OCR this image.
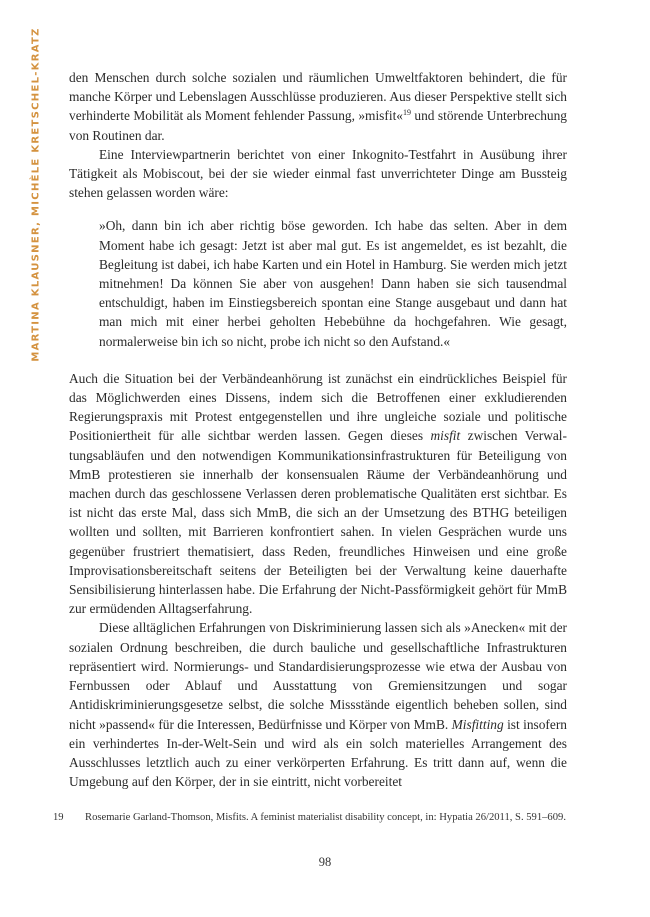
MARTINA KLAUSNER, MICHÈLE KRETSCHEL-KRATZ den Menschen durch solche sozialen und räumlichen Umweltfaktoren behindert, die für manche Körper und Lebenslagen Ausschlüsse produzieren. Aus dieser Perspektive stellt sich verhinderte Mobilität als Moment fehlender Passung, »misfit«$^{19}$ und störende Unterbrechung von Routinen dar.

Eine Interviewpartnerin berichtet von einer Inkognito-Testfahrt in Ausübung ihrer Tätigkeit als Mobiscout, bei der sie wieder einmal fast unverrichteter Dinge am Bussteig stehen gelassen worden wäre:

»Oh, dann bin ich aber richtig böse geworden. Ich habe das selten. Aber in dem Moment habe ich gesagt: Jetzt ist aber mal gut. Es ist angemeldet, es ist bezahlt, die Begleitung ist dabei, ich habe Karten und ein Hotel in Hamburg. Sie werden mich jetzt mitnehmen! Da können Sie aber von ausgehen! Dann haben sie sich tausendmal entschuldigt, haben im Einstiegsbereich spontan eine Stange ausgebaut und dann hat man mich mit einer herbei geholten Hebebühne da hochgefahren. Wie gesagt, normalerweise bin ich so nicht, probe ich nicht so den Aufstand.«

Auch die Situation bei der Verbändeanhörung ist zunächst ein eindrückliches Beispiel für das Möglichwerden eines Dissens, indem sich die Betroffenen einer exkludierenden Regierungspraxis mit Protest entgegenstellen und ihre ungleiche soziale und politische Positioniertheit für alle sichtbar werden lassen. Gegen dieses misfit zwischen Verwaltungsabläufen und den notwendigen Kommunikationsinfrastrukturen für Beteiligung von MmB protestieren sie innerhalb der konsensualen Räume der Verbändeanhörung und machen durch das geschlossene Verlassen deren problematische Qualitäten erst sichtbar. Es ist nicht das erste Mal, dass sich MmB, die sich an der Umsetzung des BTHG beteiligen wollten und sollten, mit Barrieren konfrontiert sahen. In vielen Gesprächen wurde uns gegenüber frustriert thematisiert, dass Reden, freundliches Hinweisen und eine große Improvisationsbereitschaft seitens der Beteiligten bei der Verwaltung keine dauerhafte Sensibilisierung hinterlassen habe. Die Erfahrung der Nicht-Passförmigkeit gehört für MmB zur ermüdenden Alltagserfahrung.

Diese alltäglichen Erfahrungen von Diskriminierung lassen sich als »Anecken« mit der sozialen Ordnung beschreiben, die durch bauliche und gesellschaftliche Infrastrukturen repräsentiert wird. Normierungs- und Standardisierungsprozesse wie etwa der Ausbau von Fernbussen oder Ablauf und Ausstattung von Gremiensitzungen und sogar Antidiskriminierungsgesetze selbst, die solche Missstände eigentlich beheben sollen, sind nicht »passend« für die Interessen, Bedürfnisse und Körper von MmB. Misfitting ist insofern ein verhindertes In-der-Welt-Sein und wird als ein solch materielles Arrangement des Ausschlusses letztlich auch zu einer verkörperten Erfahrung. Es tritt dann auf, wenn die Umgebung auf den Körper, der in sie eintritt, nicht vorbereitet

19 Rosemarie Garland-Thomson, Misfits. A feminist materialist disability concept, in: Hypatia 26/2011, S. 591–609.
98
